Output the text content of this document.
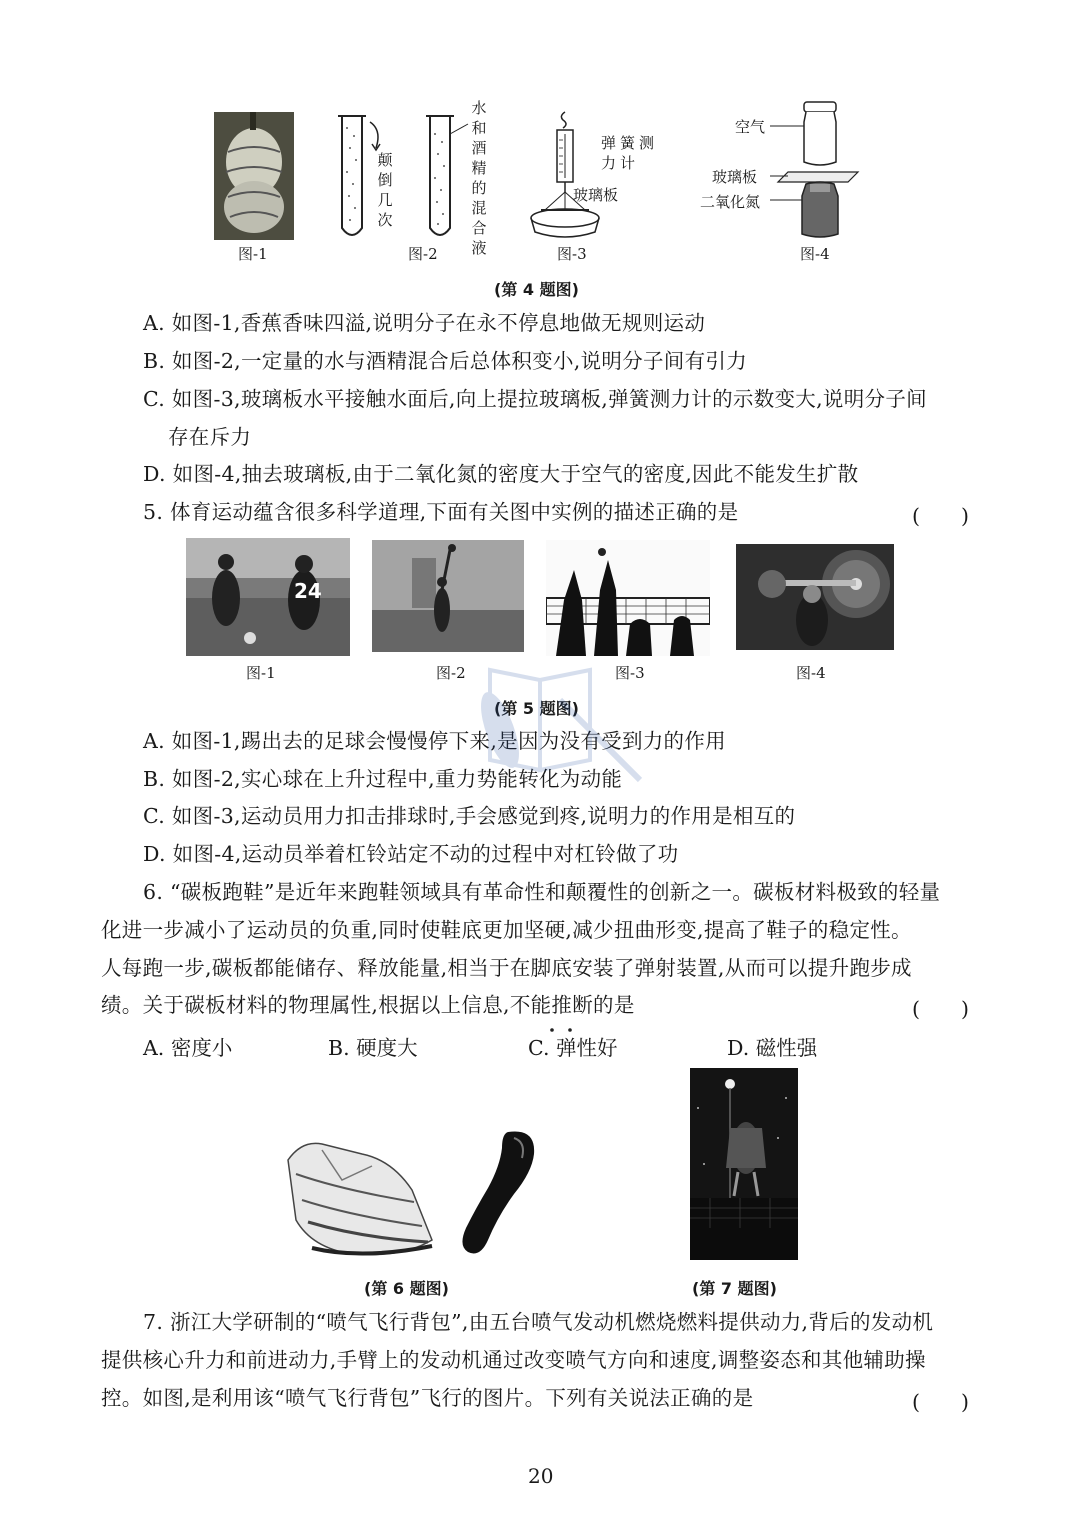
图-1
颠倒几次
水和酒精的混合液
图-2
弹簧测力计
玻璃板
图-3
空气
玻璃板
二氧化氮
图-4
(第 4 题图)
A. 如图-1,香蕉香味四溢,说明分子在永不停息地做无规则运动
B. 如图-2,一定量的水与酒精混合后总体积变小,说明分子间有引力
C. 如图-3,玻璃板水平接触水面后,向上提拉玻璃板,弹簧测力计的示数变大,说明分子间
存在斥力
D. 如图-4,抽去玻璃板,由于二氧化氮的密度大于空气的密度,因此不能发生扩散
5. 体育运动蕴含很多科学道理,下面有关图中实例的描述正确的是	(　　)
24
图-1	图-2	图-3	图-4
(第 5 题图)
A. 如图-1,踢出去的足球会慢慢停下来,是因为没有受到力的作用
B. 如图-2,实心球在上升过程中,重力势能转化为动能
C. 如图-3,运动员用力扣击排球时,手会感觉到疼,说明力的作用是相互的
D. 如图-4,运动员举着杠铃站定不动的过程中对杠铃做了功
6. “碳板跑鞋”是近年来跑鞋领域具有革命性和颠覆性的创新之一。碳板材料极致的轻量
化进一步减小了运动员的负重,同时使鞋底更加坚硬,减少扭曲形变,提高了鞋子的稳定性。
人每跑一步,碳板都能储存、释放能量,相当于在脚底安装了弹射装置,从而可以提升跑步成
绩。关于碳板材料的物理属性,根据以上信息,不能推断的是	(　　)
A. 密度小	B. 硬度大	C. 弹性好	D. 磁性强
(第 6 题图)	(第 7 题图)
7. 浙江大学研制的“喷气飞行背包”,由五台喷气发动机燃烧燃料提供动力,背后的发动机
提供核心升力和前进动力,手臂上的发动机通过改变喷气方向和速度,调整姿态和其他辅助操
控。如图,是利用该“喷气飞行背包”飞行的图片。下列有关说法正确的是	(　　)
20
